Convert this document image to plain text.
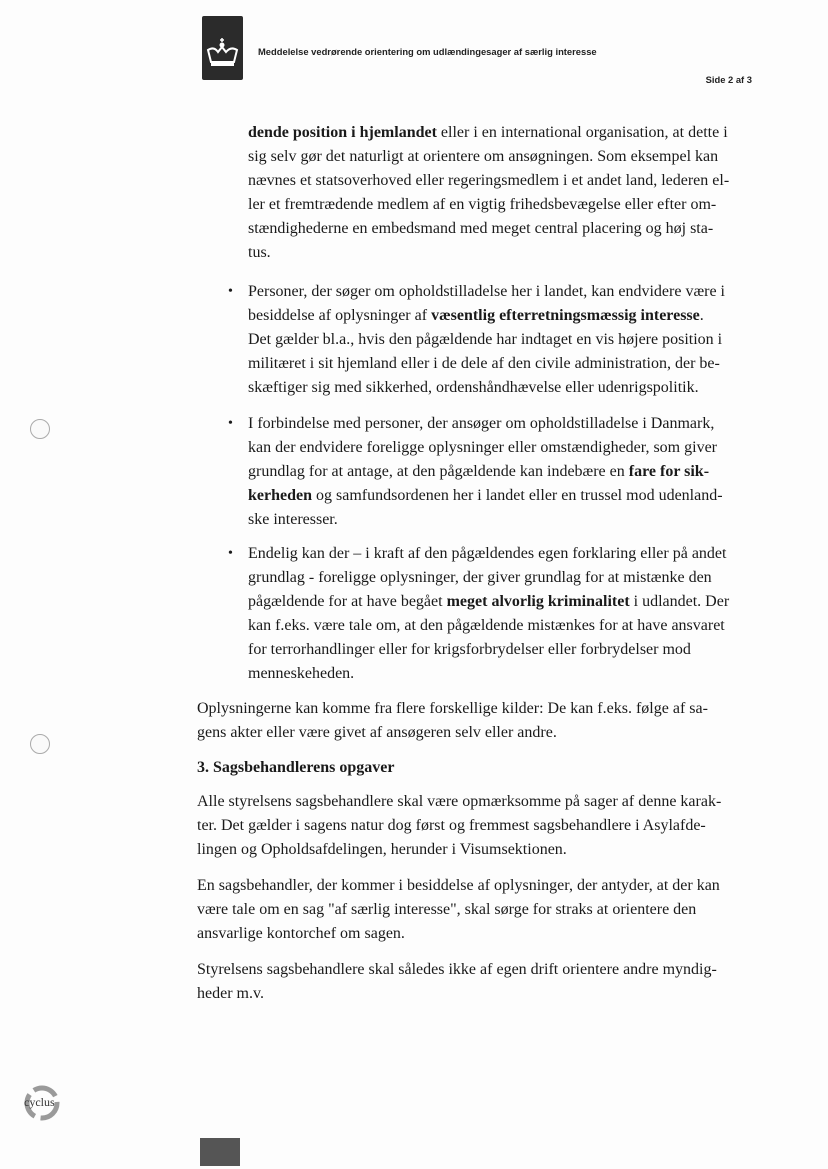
Meddelelse vedrørende orientering om udlændingesager af særlig interesse
Side 2 af 3
dende position i hjemlandet eller i en international organisation, at dette i
sig selv gør det naturligt at orientere om ansøgningen. Som eksempel kan
nævnes et statsoverhoved eller regeringsmedlem i et andet land, lederen el-
ler et fremtrædende medlem af en vigtig frihedsbevægelse eller efter om-
stændighederne en embedsmand med meget central placering og høj sta-
tus.
• Personer, der søger om opholdstilladelse her i landet, kan endvidere være i
besiddelse af oplysninger af væsentlig efterretningsmæssig interesse.
Det gælder bl.a., hvis den pågældende har indtaget en vis højere position i
militæret i sit hjemland eller i de dele af den civile administration, der be-
skæftiger sig med sikkerhed, ordenshåndhævelse eller udenrigspolitik.
• I forbindelse med personer, der ansøger om opholdstilladelse i Danmark,
kan der endvidere foreligge oplysninger eller omstændigheder, som giver
grundlag for at antage, at den pågældende kan indebære en fare for sik-
kerheden og samfundsordenen her i landet eller en trussel mod udenland-
ske interesser.
• Endelig kan der – i kraft af den pågældendes egen forklaring eller på andet
grundlag - foreligge oplysninger, der giver grundlag for at mistænke den
pågældende for at have begået meget alvorlig kriminalitet i udlandet. Der
kan f.eks. være tale om, at den pågældende mistænkes for at have ansvaret
for terrorhandlinger eller for krigsforbrydelser eller forbrydelser mod
menneskeheden.
Oplysningerne kan komme fra flere forskellige kilder: De kan f.eks. følge af sa-
gens akter eller være givet af ansøgeren selv eller andre.
3. Sagsbehandlerens opgaver
Alle styrelsens sagsbehandlere skal være opmærksomme på sager af denne karak-
ter. Det gælder i sagens natur dog først og fremmest sagsbehandlere i Asylafde-
lingen og Opholdsafdelingen, herunder i Visumsektionen.
En sagsbehandler, der kommer i besiddelse af oplysninger, der antyder, at der kan
være tale om en sag "af særlig interesse", skal sørge for straks at orientere den
ansvarlige kontorchef om sagen.
Styrelsens sagsbehandlere skal således ikke af egen drift orientere andre myndig-
heder m.v.
cyclus
